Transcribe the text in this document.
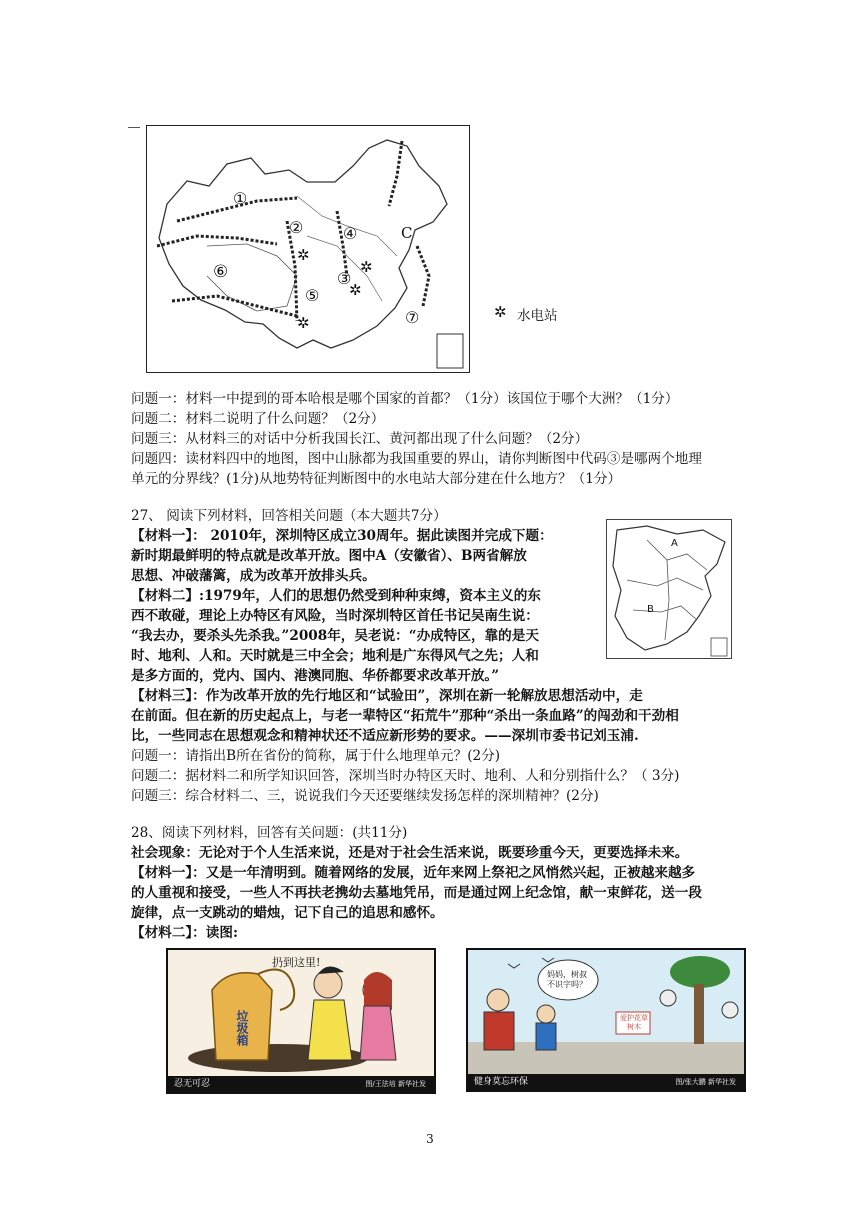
①
②
③
④
⑤
⑥
⑦
C
✲
✲
✲
✲
✲ 水电站
问题一：材料一中提到的哥本哈根是哪个国家的首都？（1分）该国位于哪个大洲？（1分）
问题二：材料二说明了什么问题？（2分）
问题三：从材料三的对话中分析我国长江、黄河都出现了什么问题？（2分）
问题四：读材料四中的地图，图中山脉都为我国重要的界山，请你判断图中代码③是哪两个地理
单元的分界线？(1分)从地势特征判断图中的水电站大部分建在什么地方？（1分）
27、 阅读下列材料，回答相关问题（本大题共7分）
【材料一】： 2010年，深圳特区成立30周年。据此读图并完成下题：
新时期最鲜明的特点就是改革开放。图中A（安徽省）、B两省解放
思想、冲破藩篱，成为改革开放排头兵。
【材料二】:1979年，人们的思想仍然受到种种束缚，资本主义的东
西不敢碰，理论上办特区有风险，当时深圳特区首任书记吴南生说：
“我去办，要杀头先杀我。”2008年，吴老说：“办成特区，靠的是天
时、地利、人和。天时就是三中全会；地利是广东得风气之先；人和
是多方面的，党内、国内、港澳同胞、华侨都要求改革开放。”
【材料三】：作为改革开放的先行地区和“试验田”，深圳在新一轮解放思想活动中，走
在前面。但在新的历史起点上，与老一辈特区“拓荒牛”那种“杀出一条血路”的闯劲和干劲相
比，一些同志在思想观念和精神状还不适应新形势的要求。——深圳市委书记刘玉浦.
问题一：请指出B所在省份的简称，属于什么地理单元？(2分)
问题二：据材料二和所学知识回答，深圳当时办特区天时、地利、人和分别指什么？（ 3分)
问题三：综合材料二、三，说说我们今天还要继续发扬怎样的深圳精神？(2分)
A
B
28、阅读下列材料，回答有关问题：(共11分)
社会现象：无论对于个人生活来说，还是对于社会生活来说，既要珍重今天，更要选择未来。
【材料一】：又是一年清明到。随着网络的发展，近年来网上祭祀之风悄然兴起，正被越来越多
的人重视和接受，一些人不再扶老携幼去墓地凭吊，而是通过网上纪念馆，献一束鲜花，送一段
旋律，点一支跳动的蜡烛，记下自己的追思和感怀。
【材料二】：读图:
扔到这里!
垃圾箱
忍无可忍	图/王法培 新华社发
妈妈，树叔不识字吗？
爱护花草树木
健身莫忘环保	图/张大鹏 新华社发
3
